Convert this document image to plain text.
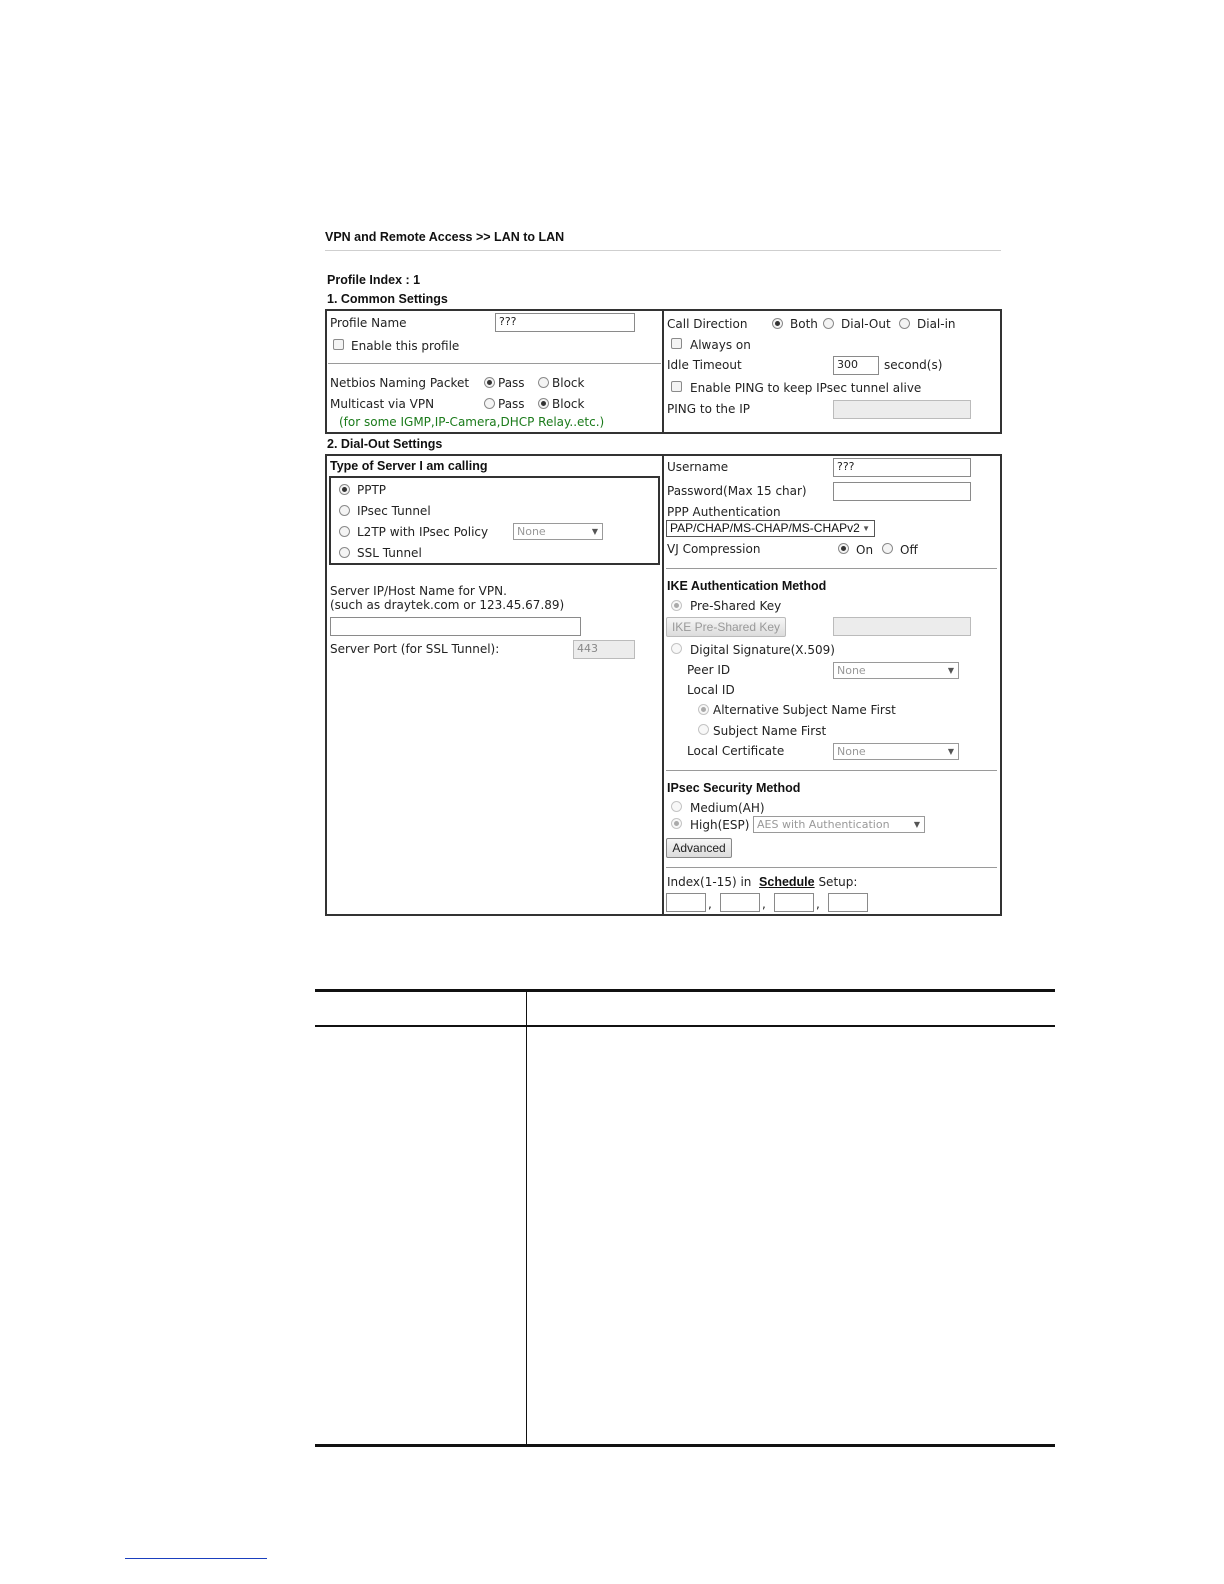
VPN and Remote Access >> LAN to LAN
Profile Index : 1
1. Common Settings
Profile Name	???
Enable this profile
Netbios Naming Packet Pass Block
Multicast via VPN	Pass Block
(for some IGMP,IP-Camera,DHCP Relay..etc.)
Call Direction	Both Dial-Out Dial-in
Always on
Idle Timeout	300	second(s)
Enable PING to keep IPsec tunnel alive
PING to the IP
2. Dial-Out Settings
Type of Server I am calling
PPTP
IPsec Tunnel
L2TP with IPsec Policy	None	▼
SSL Tunnel
Server IP/Host Name for VPN.
(such as draytek.com or 123.45.67.89)
Server Port (for SSL Tunnel):	443
Username	???
Password(Max 15 char)
PPP Authentication
PAP/CHAP/MS-CHAP/MS-CHAPv2 ▼
VJ Compression	On Off
IKE Authentication Method
Pre-Shared Key
IKE Pre-Shared Key
Digital Signature(X.509)
Peer ID	None	▼
Local ID
Alternative Subject Name First
Subject Name First
Local Certificate	None	▼
IPsec Security Method
Medium(AH)
High(ESP) AES with Authentication	▼
Advanced
Index(1-15) in Schedule Setup:
,	,	,
